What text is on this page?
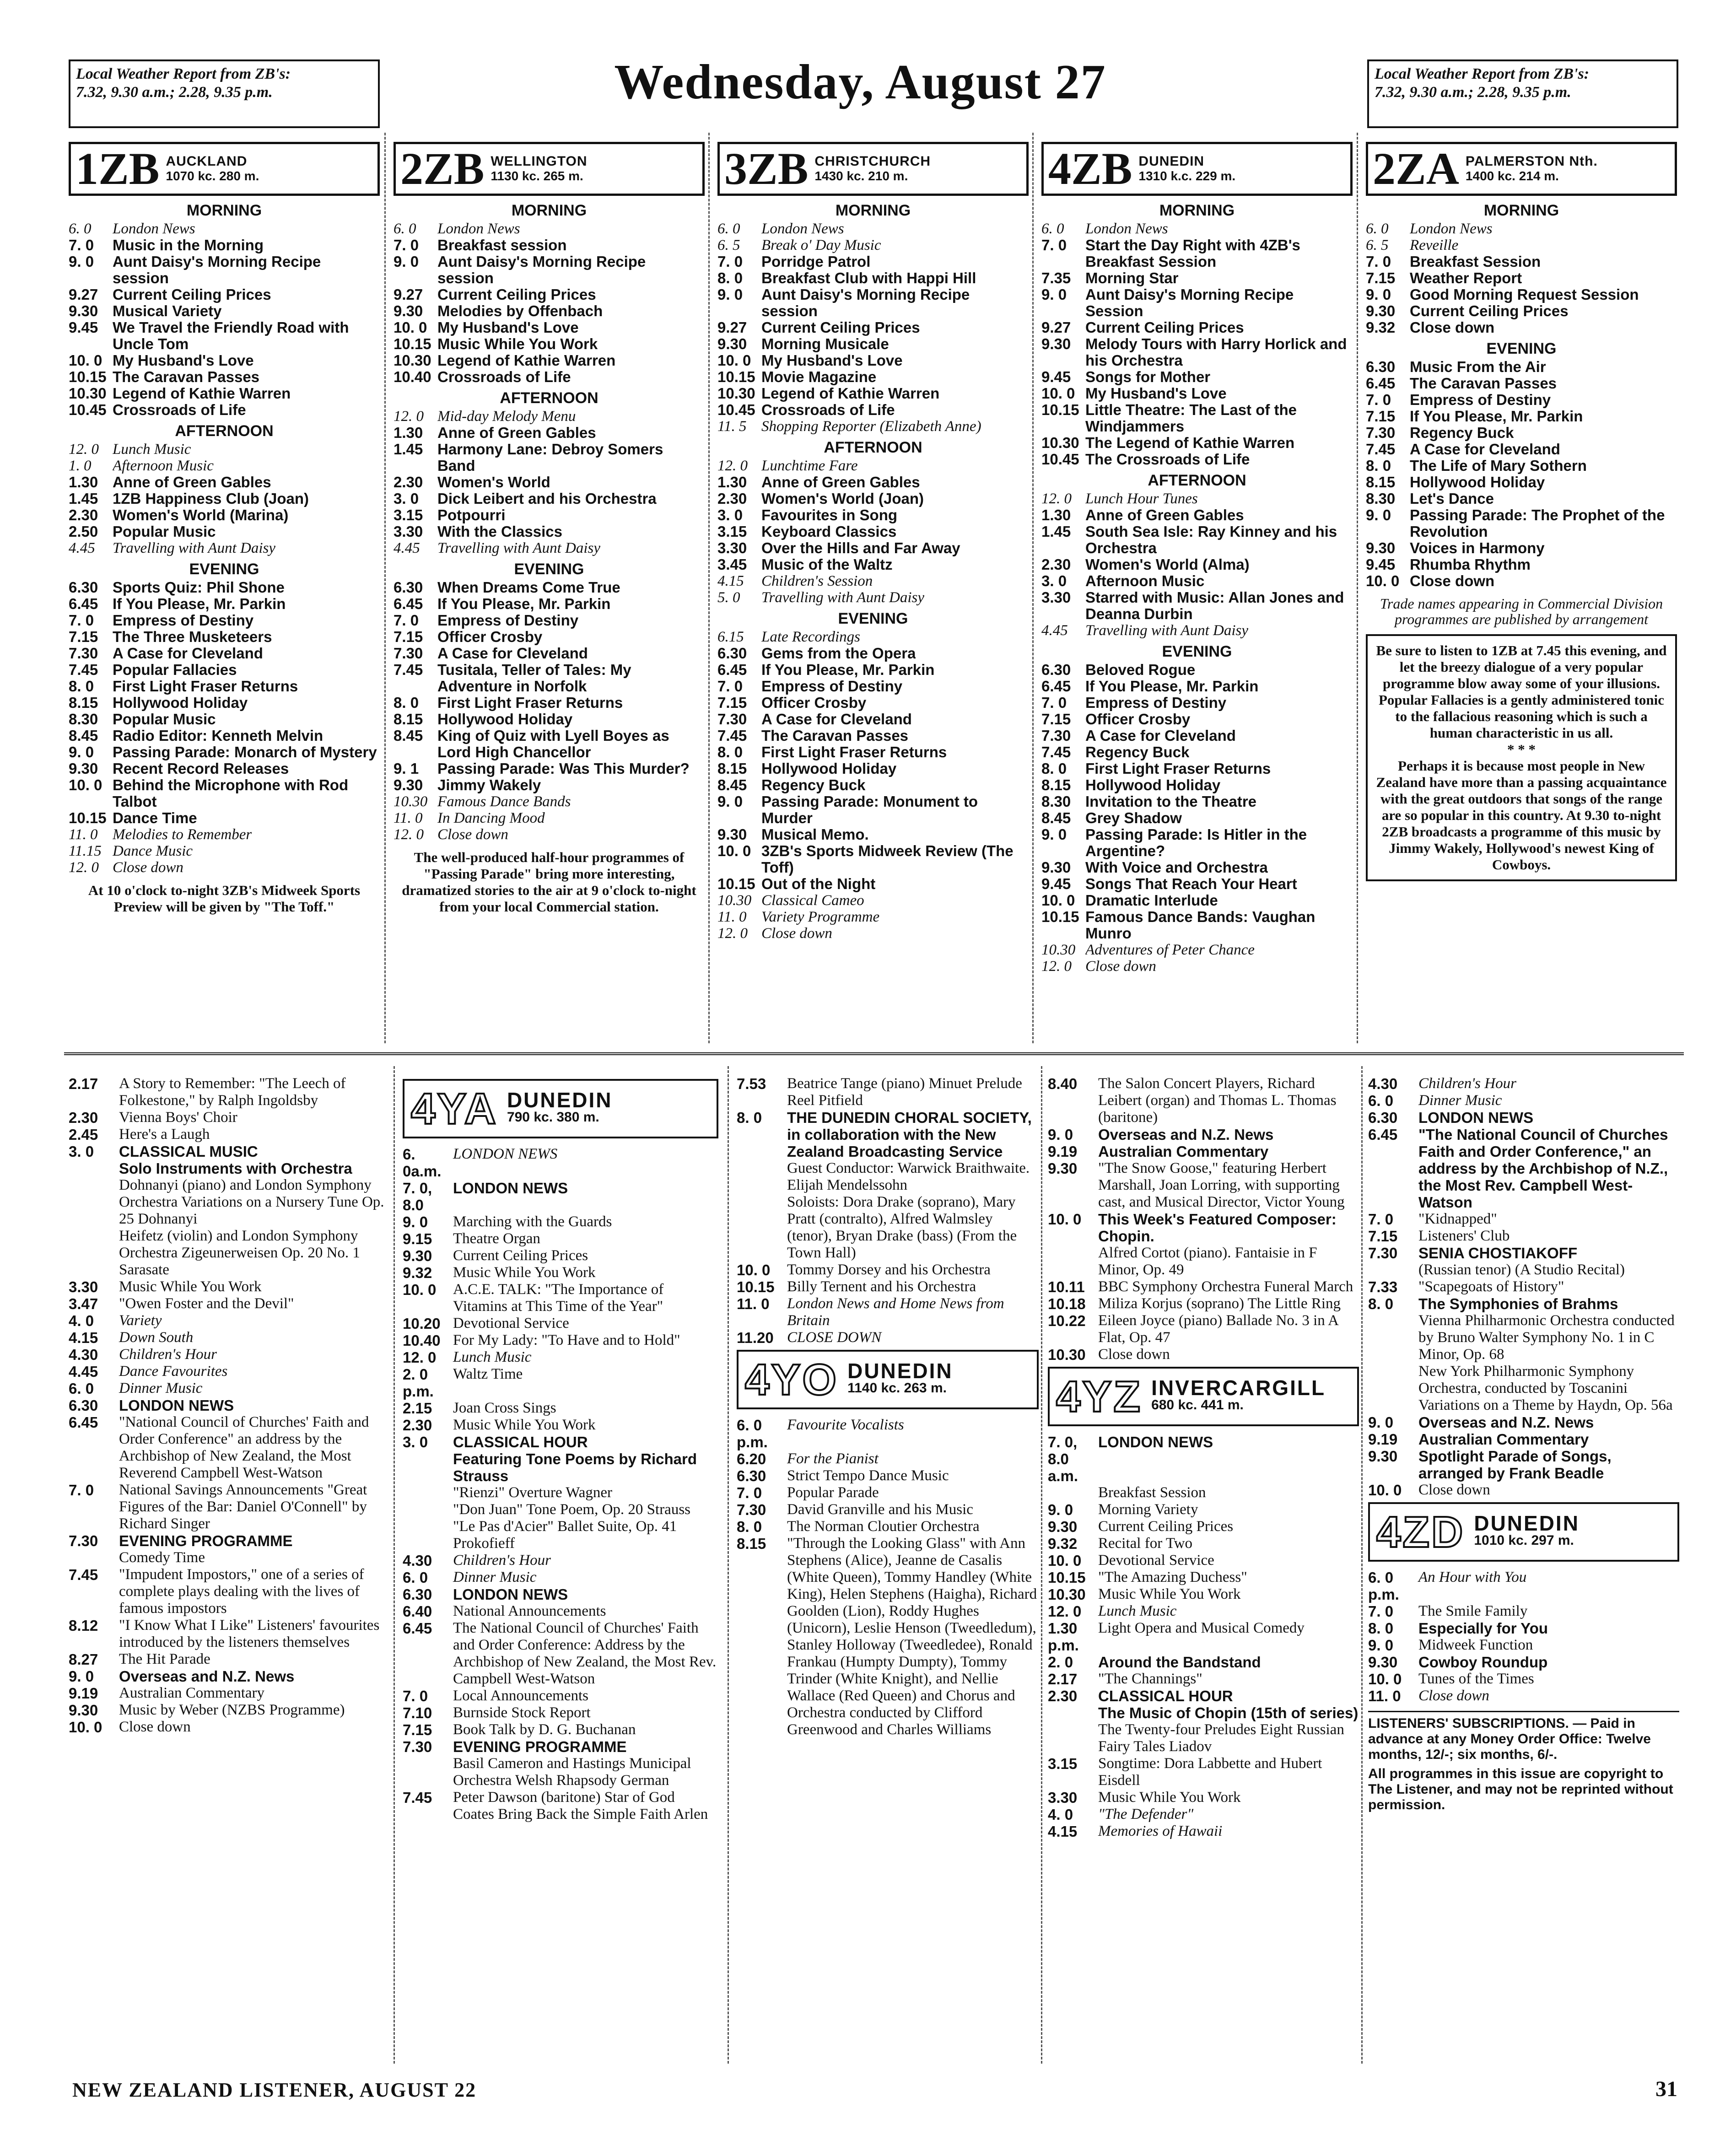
Local Weather Report from ZB's:
7.32, 9.30 a.m.; 2.28, 9.35 p.m.	Wednesday, August 27	Local Weather Report from ZB's:
7.32, 9.30 a.m.; 2.28, 9.35 p.m.
1ZB AUCKLAND
1070 kc. 280 m.
MORNING
6. 0	London News
7. 0	Music in the Morning
9. 0	Aunt Daisy's Morning Recipe session
9.27 Current Ceiling Prices
9.30 Musical Variety
9.45 We Travel the Friendly Road with Uncle Tom
10. 0 My Husband's Love
10.15 The Caravan Passes
10.30 Legend of Kathie Warren
10.45 Crossroads of Life
AFTERNOON
12. 0 Lunch Music
1. 0	Afternoon Music
1.30 Anne of Green Gables
1.45 1ZB Happiness Club (Joan)
2.30 Women's World (Marina)
2.50 Popular Music
4.45	Travelling with Aunt Daisy
EVENING
6.30 Sports Quiz: Phil Shone
6.45 If You Please, Mr. Parkin
7. 0	Empress of Destiny
7.15 The Three Musketeers
7.30 A Case for Cleveland
7.45 Popular Fallacies
8. 0	First Light Fraser Returns
8.15 Hollywood Holiday
8.30 Popular Music
8.45 Radio Editor: Kenneth Melvin
9. 0	Passing Parade: Monarch of Mystery
9.30 Recent Record Releases
10. 0 Behind the Microphone with Rod Talbot
10.15 Dance Time
11. 0 Melodies to Remember
11.15 Dance Music
12. 0 Close down
At 10 o'clock to-night 3ZB's Midweek Sports Preview will be given by "The Toff."
2ZB WELLINGTON
1130 kc. 265 m.
MORNING
6. 0	London News
7. 0	Breakfast session
9. 0	Aunt Daisy's Morning Recipe session
9.27 Current Ceiling Prices
9.30 Melodies by Offenbach
10. 0 My Husband's Love
10.15 Music While You Work
10.30 Legend of Kathie Warren
10.40 Crossroads of Life
AFTERNOON
12. 0 Mid-day Melody Menu
1.30 Anne of Green Gables
1.45 Harmony Lane: Debroy Somers Band
2.30 Women's World
3. 0	Dick Leibert and his Orchestra
3.15 Potpourri
3.30 With the Classics
4.45	Travelling with Aunt Daisy
EVENING
6.30 When Dreams Come True
6.45 If You Please, Mr. Parkin
7. 0	Empress of Destiny
7.15 Officer Crosby
7.30 A Case for Cleveland
7.45 Tusitala, Teller of Tales: My Adventure in Norfolk
8. 0	First Light Fraser Returns
8.15 Hollywood Holiday
8.45 King of Quiz with Lyell Boyes as Lord High Chancellor
9. 1	Passing Parade: Was This Murder?
9.30 Jimmy Wakely
10.30 Famous Dance Bands
11. 0 In Dancing Mood
12. 0 Close down
The well-produced half-hour programmes of "Passing Parade" bring more interesting, dramatized stories to the air at 9 o'clock to-night from your local Commercial station.
3ZB CHRISTCHURCH
1430 kc. 210 m.
MORNING
6. 0	London News
6. 5	Break o' Day Music
7. 0	Porridge Patrol
8. 0	Breakfast Club with Happi Hill
9. 0	Aunt Daisy's Morning Recipe session
9.27 Current Ceiling Prices
9.30 Morning Musicale
10. 0 My Husband's Love
10.15 Movie Magazine
10.30 Legend of Kathie Warren
10.45 Crossroads of Life
11. 5 Shopping Reporter (Elizabeth Anne)
AFTERNOON
12. 0 Lunchtime Fare
1.30 Anne of Green Gables
2.30 Women's World (Joan)
3. 0	Favourites in Song
3.15 Keyboard Classics
3.30 Over the Hills and Far Away
3.45 Music of the Waltz
4.15	Children's Session
5. 0	Travelling with Aunt Daisy
EVENING
6.15	Late Recordings
6.30 Gems from the Opera
6.45 If You Please, Mr. Parkin
7. 0	Empress of Destiny
7.15 Officer Crosby
7.30 A Case for Cleveland
7.45 The Caravan Passes
8. 0	First Light Fraser Returns
8.15 Hollywood Holiday
8.45 Regency Buck
9. 0	Passing Parade: Monument to Murder
9.30 Musical Memo.
10. 0 3ZB's Sports Midweek Review (The Toff)
10.15 Out of the Night
10.30 Classical Cameo
11. 0 Variety Programme
12. 0 Close down
4ZB DUNEDIN
1310 k.c. 229 m.
MORNING
6. 0	London News
7. 0	Start the Day Right with 4ZB's Breakfast Session
7.35 Morning Star
9. 0	Aunt Daisy's Morning Recipe Session
9.27 Current Ceiling Prices
9.30 Melody Tours with Harry Horlick and his Orchestra
9.45 Songs for Mother
10. 0 My Husband's Love
10.15 Little Theatre: The Last of the Windjammers
10.30 The Legend of Kathie Warren
10.45 The Crossroads of Life
AFTERNOON
12. 0 Lunch Hour Tunes
1.30 Anne of Green Gables
1.45 South Sea Isle: Ray Kinney and his Orchestra
2.30 Women's World (Alma)
3. 0	Afternoon Music
3.30 Starred with Music: Allan Jones and Deanna Durbin
4.45	Travelling with Aunt Daisy
EVENING
6.30 Beloved Rogue
6.45 If You Please, Mr. Parkin
7. 0	Empress of Destiny
7.15 Officer Crosby
7.30 A Case for Cleveland
7.45 Regency Buck
8. 0	First Light Fraser Returns
8.15 Hollywood Holiday
8.30 Invitation to the Theatre
8.45 Grey Shadow
9. 0	Passing Parade: Is Hitler in the Argentine?
9.30 With Voice and Orchestra
9.45 Songs That Reach Your Heart
10. 0 Dramatic Interlude
10.15 Famous Dance Bands: Vaughan Munro
10.30 Adventures of Peter Chance
12. 0 Close down
2ZA PALMERSTON Nth.
1400 kc. 214 m.
MORNING
6. 0	London News
6. 5	Reveille
7. 0	Breakfast Session
7.15 Weather Report
9. 0	Good Morning Request Session
9.30 Current Ceiling Prices
9.32 Close down
EVENING
6.30 Music From the Air
6.45 The Caravan Passes
7. 0	Empress of Destiny
7.15 If You Please, Mr. Parkin
7.30 Regency Buck
7.45 A Case for Cleveland
8. 0	The Life of Mary Sothern
8.15 Hollywood Holiday
8.30 Let's Dance
9. 0	Passing Parade: The Prophet of the Revolution
9.30 Voices in Harmony
9.45 Rhumba Rhythm
10. 0 Close down
Trade names appearing in Commercial Division programmes are published by arrangement
Be sure to listen to 1ZB at 7.45 this evening, and let the breezy dialogue of a very popular programme blow away some of your illusions. Popular Fallacies is a gently administered tonic to the fallacious reasoning which is such a human characteristic in us all.
* * *
Perhaps it is because most people in New Zealand have more than a passing acquaintance with the great outdoors that songs of the range are so popular in this country. At 9.30 to-night 2ZB broadcasts a programme of this music by Jimmy Wakely, Hollywood's newest King of Cowboys.
2.17	A Story to Remember: "The Leech of Folkestone," by Ralph Ingoldsby
2.30	Vienna Boys' Choir
2.45	Here's a Laugh
3. 0	CLASSICAL MUSIC
Solo Instruments with Orchestra
Dohnanyi (piano) and London Symphony Orchestra Variations on a Nursery Tune Op. 25 Dohnanyi
Heifetz (violin) and London Symphony Orchestra Zigeunerweisen Op. 20 No. 1 Sarasate
3.30	Music While You Work
3.47	"Owen Foster and the Devil"
4. 0	Variety
4.15	Down South
4.30	Children's Hour
4.45	Dance Favourites
6. 0	Dinner Music
6.30	LONDON NEWS
6.45	"National Council of Churches' Faith and Order Conference" an address by the Archbishop of New Zealand, the Most Reverend Campbell West-Watson
7. 0	National Savings Announcements "Great Figures of the Bar: Daniel O'Connell" by Richard Singer
7.30	EVENING PROGRAMME
Comedy Time
7.45	"Impudent Impostors," one of a series of complete plays dealing with the lives of famous impostors
8.12	"I Know What I Like" Listeners' favourites introduced by the listeners themselves
8.27	The Hit Parade
9. 0	Overseas and N.Z. News
9.19	Australian Commentary
9.30	Music by Weber (NZBS Programme)
10. 0	Close down
4YA DUNEDIN
790 kc. 380 m.
6. 0a.m.
LONDON NEWS
7. 0, 8.0
LONDON NEWS
9. 0	Marching with the Guards
9.15	Theatre Organ
9.30	Current Ceiling Prices
9.32	Music While You Work
10. 0	A.C.E. TALK: "The Importance of Vitamins at This Time of the Year"
10.20 Devotional Service
10.40 For My Lady: "To Have and to Hold"
12. 0	Lunch Music
2. 0 p.m.
Waltz Time
2.15	Joan Cross Sings
2.30	Music While You Work
3. 0	CLASSICAL HOUR
Featuring Tone Poems by Richard Strauss
"Rienzi" Overture Wagner
"Don Juan" Tone Poem, Op. 20 Strauss
"Le Pas d'Acier" Ballet Suite, Op. 41 Prokofieff
4.30	Children's Hour
6. 0	Dinner Music
6.30	LONDON NEWS
6.40	National Announcements
6.45	The National Council of Churches' Faith and Order Conference: Address by the Archbishop of New Zealand, the Most Rev. Campbell West-Watson
7. 0	Local Announcements
7.10	Burnside Stock Report
7.15	Book Talk by D. G. Buchanan
7.30	EVENING PROGRAMME
Basil Cameron and Hastings Municipal Orchestra Welsh Rhapsody German
7.45	Peter Dawson (baritone) Star of God Coates Bring Back the Simple Faith Arlen
7.53	Beatrice Tange (piano) Minuet Prelude Reel Pitfield
8. 0	THE DUNEDIN CHORAL SOCIETY, in collaboration with the New Zealand Broadcasting Service
Guest Conductor: Warwick Braithwaite. Elijah Mendelssohn
Soloists: Dora Drake (soprano), Mary Pratt (contralto), Alfred Walmsley (tenor), Bryan Drake (bass) (From the Town Hall)
10. 0	Tommy Dorsey and his Orchestra
10.15 Billy Ternent and his Orchestra
11. 0	London News and Home News from Britain
11.20 CLOSE DOWN
4YO DUNEDIN
1140 kc. 263 m.
6. 0 p.m.
Favourite Vocalists
6.20	For the Pianist
6.30	Strict Tempo Dance Music
7. 0	Popular Parade
7.30	David Granville and his Music
8. 0	The Norman Cloutier Orchestra
8.15	"Through the Looking Glass" with Ann Stephens (Alice), Jeanne de Casalis (White Queen), Tommy Handley (White King), Helen Stephens (Haigha), Richard Goolden (Lion), Roddy Hughes (Unicorn), Leslie Henson (Tweedledum), Stanley Holloway (Tweedledee), Ronald Frankau (Humpty Dumpty), Tommy Trinder (White Knight), and Nellie Wallace (Red Queen) and Chorus and Orchestra conducted by Clifford Greenwood and Charles Williams
8.40	The Salon Concert Players, Richard Leibert (organ) and Thomas L. Thomas (baritone)
9. 0	Overseas and N.Z. News
9.19	Australian Commentary
9.30	"The Snow Goose," featuring Herbert Marshall, Joan Lorring, with supporting cast, and Musical Director, Victor Young
10. 0	This Week's Featured Composer: Chopin.
Alfred Cortot (piano). Fantaisie in F Minor, Op. 49
10.11 BBC Symphony Orchestra Funeral March
10.18 Miliza Korjus (soprano) The Little Ring
10.22 Eileen Joyce (piano) Ballade No. 3 in A Flat, Op. 47
10.30 Close down
4YZ INVERCARGILL
680 kc. 441 m.
7. 0, 8.0 a.m.
LONDON NEWS
Breakfast Session
9. 0	Morning Variety
9.30	Current Ceiling Prices
9.32	Recital for Two
10. 0	Devotional Service
10.15 "The Amazing Duchess"
10.30 Music While You Work
12. 0	Lunch Music
1.30 p.m.
Light Opera and Musical Comedy
2. 0	Around the Bandstand
2.17	"The Channings"
2.30	CLASSICAL HOUR
The Music of Chopin (15th of series)
The Twenty-four Preludes Eight Russian Fairy Tales Liadov
3.15	Songtime: Dora Labbette and Hubert Eisdell
3.30	Music While You Work
4. 0	"The Defender"
4.15	Memories of Hawaii
4.30	Children's Hour
6. 0	Dinner Music
6.30	LONDON NEWS
6.45	"The National Council of Churches Faith and Order Conference," an address by the Archbishop of N.Z., the Most Rev. Campbell West-Watson
7. 0	"Kidnapped"
7.15	Listeners' Club
7.30	SENIA CHOSTIAKOFF
(Russian tenor) (A Studio Recital)
7.33	"Scapegoats of History"
8. 0	The Symphonies of Brahms
Vienna Philharmonic Orchestra conducted by Bruno Walter Symphony No. 1 in C Minor, Op. 68
New York Philharmonic Symphony Orchestra, conducted by Toscanini Variations on a Theme by Haydn, Op. 56a
9. 0	Overseas and N.Z. News
9.19	Australian Commentary
9.30	Spotlight Parade of Songs, arranged by Frank Beadle
10. 0	Close down
4ZD DUNEDIN
1010 kc. 297 m.
6. 0 p.m.
An Hour with You
7. 0	The Smile Family
8. 0	Especially for You
9. 0	Midweek Function
9.30	Cowboy Roundup
10. 0	Tunes of the Times
11. 0	Close down
LISTENERS' SUBSCRIPTIONS. — Paid in advance at any Money Order Office: Twelve months, 12/-; six months, 6/-.
All programmes in this issue are copyright to The Listener, and may not be reprinted without permission.
NEW ZEALAND LISTENER, AUGUST 22	31
